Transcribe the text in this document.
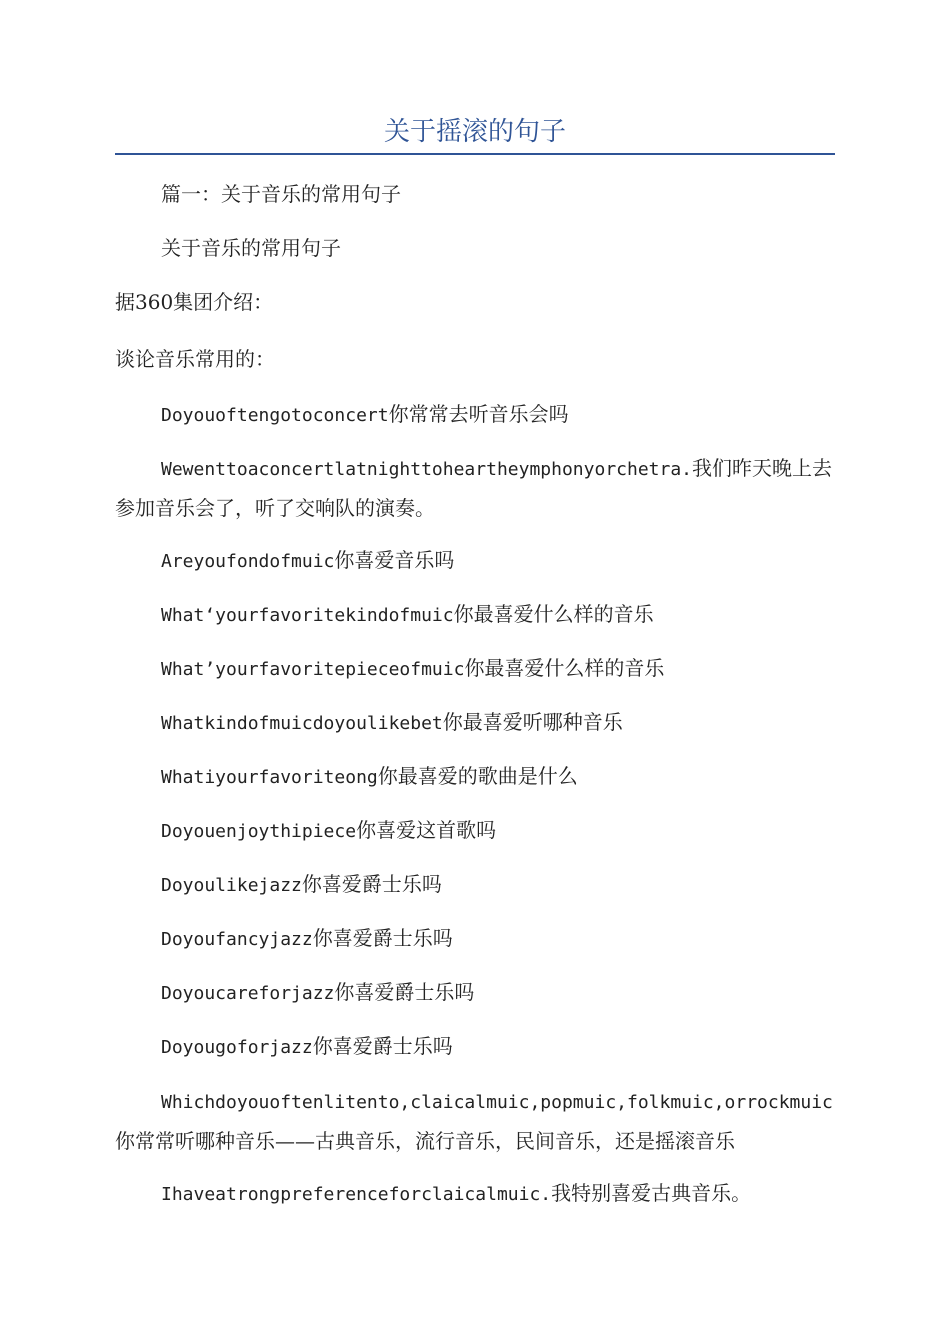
关于摇滚的句子

篇一：关于音乐的常用句子

关于音乐的常用句子

据360集团介绍：

谈论音乐常用的：

Doyouoftengotoconcert你常常去听音乐会吗

Wewenttoaconcertlatnighttoheartheymphonyorchetra.我们昨天晚上去参加音乐会了，听了交响队的演奏。

Areyoufondofmuic你喜爱音乐吗

What‘yourfavoritekindofmuic你最喜爱什么样的音乐

What’yourfavoritepieceofmuic你最喜爱什么样的音乐

Whatkindofmuicdoyoulikebet你最喜爱听哪种音乐

Whatiyourfavoriteong你最喜爱的歌曲是什么

Doyouenjoythipiece你喜爱这首歌吗

Doyoulikejazz你喜爱爵士乐吗

Doyoufancyjazz你喜爱爵士乐吗

Doyoucareforjazz你喜爱爵士乐吗

Doyougoforjazz你喜爱爵士乐吗

Whichdoyouoftenlitento,claicalmuic,popmuic,folkmuic,orrockmuic你常常听哪种音乐——古典音乐，流行音乐，民间音乐，还是摇滚音乐

Ihaveatrongpreferenceforclaicalmuic.我特别喜爱古典音乐。
